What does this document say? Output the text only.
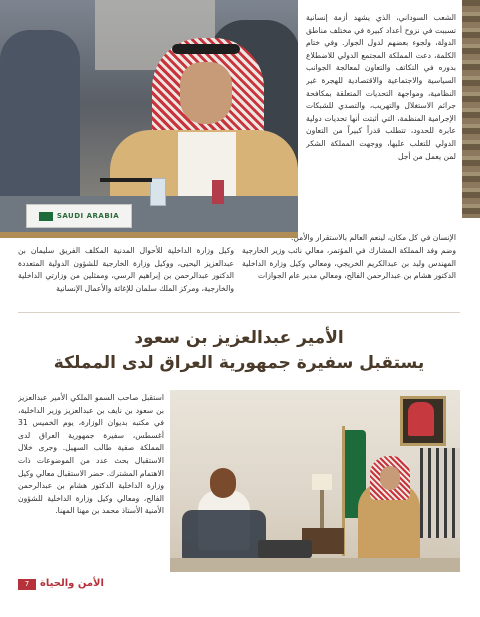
SAUDI ARABIA
الشعب السوداني، الذي يشهد أزمة إنسانية تسببت في نزوح أعداد كبيرة في مختلف مناطق الدولة، ولجوء بعضهم لدول الجوار. وفي ختام الكلمة، دعت المملكة المجتمع الدولي للاضطلاع بدوره في التكاتف والتعاون لمعالجة الجوانب السياسية والاجتماعية والاقتصادية للهجرة غير النظامية، ومواجهة التحديات المتعلقة بمكافحة جرائم الاستغلال والتهريب، والتصدي للشبكات الإجرامية المنظمة، التي أثبتت أنها تحديات دولية عابرة للحدود، تتطلب قدراً كبيراً من التعاون الدولي للتغلب عليها، ووجهت المملكة الشكر لمن يعمل من أجل
الإنسان في كل مكان، لينعم العالم بالاستقرار والأمن.
وضم وفد المملكة المشارك في المؤتمر، معالي نائب وزير الخارجية المهندس وليد بن عبدالكريم الخريجي، ومعالي وكيل وزارة الداخلية الدكتور هشام بن عبدالرحمن الفالح، ومعالي مدير عام الجوازات
وكيل وزارة الداخلية للأحوال المدنية المكلف الفريق سليمان بن عبدالعزيز اليحيى، ووكيل وزارة الخارجية للشؤون الدولية المتعددة الدكتور عبدالرحمن بن إبراهيم الرسي، وممثلين من وزارتي الداخلية والخارجية، ومركز الملك سلمان للإغاثة والأعمال الإنسانية
الأمير عبدالعزيز بن سعود
يستقبل سفيرة جمهورية العراق لدى المملكة
استقبل صاحب السمو الملكي الأمير عبدالعزيز بن سعود بن نايف بن عبدالعزيز وزير الداخلية، في مكتبه بديوان الوزارة، يوم الخميس 31 أغسطس، سفيرة جمهورية العراق لدى المملكة صفية طالب السهيل. وجرى خلال الاستقبال بحث عدد من الموضوعات ذات الاهتمام المشترك. حضر الاستقبال معالي وكيل وزارة الداخلية الدكتور هشام بن عبدالرحمن الفالح، ومعالي وكيل وزارة الداخلية للشؤون الأمنية الأستاذ محمد بن مهنا المهنا.
7	الأمن والحياة
